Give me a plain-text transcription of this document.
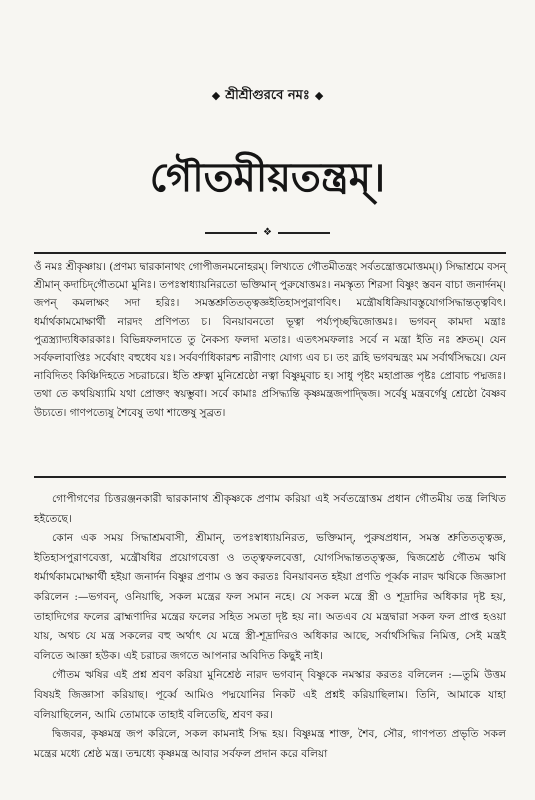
◆ শ্রীশ্রীগুরবে নমঃ ◆
গৌতমীয়তন্ত্রম্।
❖
ওঁ নমঃ শ্রীকৃষ্ণায়। (প্রণম্য দ্বারকানাথং গোপীজনমনোহরম্। লিখ্যতে গৌতমীতন্ত্রং সর্বতন্ত্রোত্তমোত্তমম্।) সিদ্ধাশ্রমে বসন্ শ্রীমান্ কদাচিদ্‌গৌতমো মুনিঃ। তপঃস্বাধ্যায়নিরতো ভক্তিমান্ পুরুষোত্তমঃ। নমস্কৃত্য শিরসা বিষ্ণুং স্তবন বাচা জনার্দনম্। জপন্ কমলাক্ষং সদা হরিঃ। সমস্তশ্রুতিতত্ত্বজ্ঞইতিহাসপুরাণবিৎ। মন্ত্রৌষধিক্রিয়াবস্তুযোগসিদ্ধান্তত্ত্ববিৎ। ধর্মার্থকামমোক্ষার্থী নারদং প্রণিপত্য চ। বিনয়াবনতো ভূত্বা পর্য্যপৃচ্ছদ্বিজোত্তমঃ। ভগবন্ কামদা মন্ত্রাঃ পুত্রস্ত্র্যাদ্যধিকারকাঃ। বিভিন্নফলদাতে তু নৈকস্য ফলদা মতাঃ। এতৎসমফলাঃ সর্বে ন মন্ত্রা ইতি নঃ শ্রুতম্। যেন সর্বফলাবাপ্তিঃ সর্বেষাং বহুধেব যঃ। সর্ববর্ণাধিকারশ্চ নারীণাং যোগ্য এব চ। তং ব্রূহি ভগবন্মন্ত্রং মম সর্বার্থসিদ্ধয়ে। যেন নাবিদিতং কিঞ্চিদিহতে সচরাচরে। ইতি শ্রুত্বা মুনিশ্রেষ্ঠো নত্বা বিষ্ণুমুবাচ হ। সাধু পৃষ্টং মহাপ্রাজ্ঞ পৃষ্টঃ প্রোবাচ পদ্মজঃ। তথা তে কথয়িষ্যামি যথা প্রোক্তং স্বয়ম্ভুবা। সর্বে কামাঃ প্রসিদ্ধ্যন্তি কৃষ্ণমন্ত্রজপাদ্দ্বিজ। সর্বেষু মন্ত্রবর্গেষু শ্রেষ্ঠো বৈষ্ণব উচ্যতে। গাণপত্যেষু শৈবেষু তথা শাক্তেষু সুব্রত।

গোপীগণের চিত্তরঞ্জনকারী দ্বারকানাথ শ্রীকৃষ্ণকে প্রণাম করিয়া এই সর্বতন্ত্রোত্তম প্রধান গৌতমীয় তন্ত্র লিখিত হইতেছে।

কোন এক সময় সিদ্ধাশ্রমবাসী, শ্রীমান্, তপঃস্বাধ্যায়নিরত, ভক্তিমান্, পুরুষপ্রধান, সমস্ত শ্রুতিতত্ত্বজ্ঞ, ইতিহাসপুরাণবেত্তা, মন্ত্রৌষধির প্রয়োগবেত্তা ও তত্ত্বফলবেত্তা, যোগসিদ্ধান্ততত্ত্বজ্ঞ, দ্বিজশ্রেষ্ঠ গৌতম ঋষি ধর্মার্থকামমোক্ষার্থী হইয়া জনার্দন বিষ্ণুর প্রণাম ও স্তব করতঃ বিনয়াবনত হইয়া প্রণতি পূর্ব্বক নারদ ঋষিকে জিজ্ঞাসা করিলেন :—ভগবন্, ওনিয়াছি, সকল মন্ত্রের ফল সমান নহে। যে সকল মন্ত্রে স্ত্রী ও শূদ্রাদির অধিকার দৃষ্ট হয়, তাহাদিগের ফলের ব্রাহ্মণাদির মন্ত্রের ফলের সহিত সমতা দৃষ্ট হয় না। অতএব যে মন্ত্রদ্বারা সকল ফল প্রাপ্ত হওয়া যায়, অথচ যে মন্ত্র সকলের বহু অর্থাৎ যে মন্ত্রে স্ত্রী-শূদ্রাদিরও অধিকার আছে, সর্বার্থসিদ্ধির নিমিত্ত, সেই মন্ত্রই বলিতে আজ্ঞা হউক। এই চরাচর জগতে আপনার অবিদিত কিছুই নাই।

গৌতম ঋষির এই প্রশ্ন শ্রবণ করিয়া মুনিশ্রেষ্ঠ নারদ ভগবান্ বিষ্ণুকে নমস্কার করতঃ বলিলেন :—তুমি উত্তম বিষয়ই জিজ্ঞাসা করিয়াছ। পূর্ব্বে আমিও পদ্মযোনির নিকট এই প্রশ্নই করিয়াছিলাম। তিনি, আমাকে যাহা বলিয়াছিলেন, আমি তোমাকে তাহাই বলিতেছি, শ্রবণ কর।

দ্বিজবর, কৃষ্ণমন্ত্র জপ করিলে, সকল কামনাই সিদ্ধ হয়। বিষ্ণুমন্ত্র শাক্ত, শৈব, সৌর, গাণপত্য প্রভৃতি সকল মন্ত্রের মধ্যে শ্রেষ্ঠ মন্ত্র। তন্মধ্যে কৃষ্ণমন্ত্র আবার সর্বফল প্রদান করে বলিয়া
